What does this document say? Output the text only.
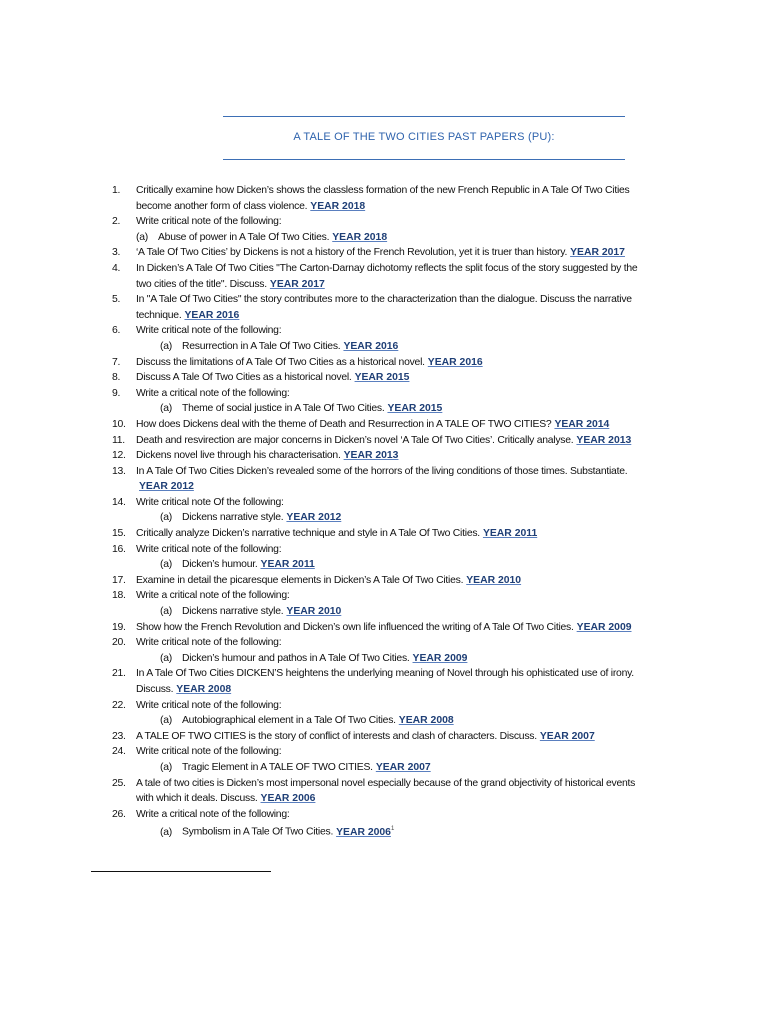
A TALE OF THE TWO CITIES PAST PAPERS (PU):
1.	Critically examine how Dicken’s shows the classless formation of the new French Republic in A Tale Of Two Cities
become another form of class violence. YEAR 2018
2.	Write critical note of the following:
(a) Abuse of power in A Tale Of Two Cities. YEAR 2018
3.	‘A Tale Of Two Cities’ by Dickens is not a history of the French Revolution, yet it is truer than history. YEAR 2017
4.	In Dicken’s A Tale Of Two Cities "The Carton-Darnay dichotomy reflects the split focus of the story suggested by the
two cities of the title". Discuss. YEAR 2017
5.	In "A Tale Of Two Cities" the story contributes more to the characterization than the dialogue. Discuss the narrative
technique. YEAR 2016
6.	Write critical note of the following:
(a) Resurrection in A Tale Of Two Cities. YEAR 2016
7.	Discuss the limitations of A Tale Of Two Cities as a historical novel. YEAR 2016
8.	Discuss A Tale Of Two Cities as a historical novel. YEAR 2015
9.	Write a critical note of the following:
(a) Theme of social justice in A Tale Of Two Cities. YEAR 2015
10. How does Dickens deal with the theme of Death and Resurrection in A TALE OF TWO CITIES? YEAR 2014
11.	Death and resvirection are major concerns in Dicken’s novel ‘A Tale Of Two Cities’. Critically analyse. YEAR 2013
12. Dickens novel live through his characterisation. YEAR 2013
13. In A Tale Of Two Cities Dicken’s revealed some of the horrors of the living conditions of those times. Substantiate.
YEAR 2012
14. Write critical note Of the following:
(a) Dickens narrative style. YEAR 2012
15. Critically analyze Dicken’s narrative technique and style in A Tale Of Two Cities. YEAR 2011
16. Write critical note of the following:
(a) Dicken’s humour. YEAR 2011
17. Examine in detail the picaresque elements in Dicken’s A Tale Of Two Cities. YEAR 2010
18. Write a critical note of the following:
(a) Dickens narrative style. YEAR 2010
19. Show how the French Revolution and Dicken’s own life influenced the writing of A Tale Of Two Cities. YEAR 2009
20. Write critical note of the following:
(a) Dicken’s humour and pathos in A Tale Of Two Cities. YEAR 2009
21. In A Tale Of Two Cities DICKEN’S heightens the underlying meaning of Novel through his ophisticated use of irony.
Discuss. YEAR 2008
22. Write critical note of the following:
(a) Autobiographical element in a Tale Of Two Cities. YEAR 2008
23. A TALE OF TWO CITIES is the story of conflict of interests and clash of characters. Discuss. YEAR 2007
24. Write critical note of the following:
(a) Tragic Element in A TALE OF TWO CITIES. YEAR 2007
25. A tale of two cities is Dicken’s most impersonal novel especially because of the grand objectivity of historical events
with which it deals. Discuss. YEAR 2006
26. Write a critical note of the following:
(a) Symbolism in A Tale Of Two Cities. YEAR 2006$^1$
